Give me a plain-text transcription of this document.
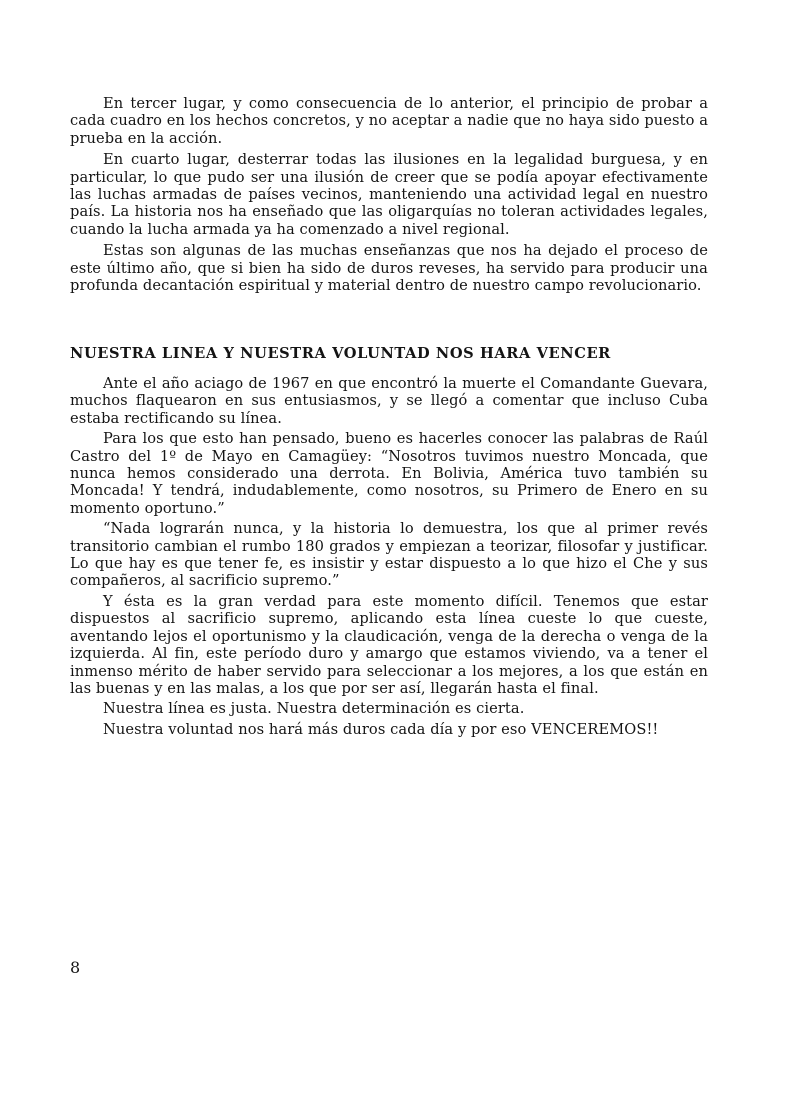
En tercer lugar, y como consecuencia de lo anterior, el principio de probar a cada cuadro en los hechos concretos, y no aceptar a nadie que no haya sido puesto a prueba en la acción.

En cuarto lugar, desterrar todas las ilusiones en la legalidad burguesa, y en particular, lo que pudo ser una ilusión de creer que se podía apoyar efectivamente las luchas armadas de países vecinos, manteniendo una actividad legal en nuestro país. La historia nos ha enseñado que las oligarquías no toleran actividades legales, cuando la lucha armada ya ha comenzado a nivel regional.

Estas son algunas de las muchas enseñanzas que nos ha dejado el proceso de este último año, que si bien ha sido de duros reveses, ha servido para producir una profunda decantación espiritual y material dentro de nuestro campo revolucionario.

NUESTRA LINEA Y NUESTRA VOLUNTAD NOS HARA VENCER

Ante el año aciago de 1967 en que encontró la muerte el Comandante Guevara, muchos flaquearon en sus entusiasmos, y se llegó a comentar que incluso Cuba estaba rectificando su línea.

Para los que esto han pensado, bueno es hacerles conocer las palabras de Raúl Castro del 1º de Mayo en Camagüey: “Nosotros tuvimos nuestro Moncada, que nunca hemos considerado una derrota. En Bolivia, América tuvo también su Moncada! Y tendrá, indudablemente, como nosotros, su Primero de Enero en su momento oportuno.”

“Nada lograrán nunca, y la historia lo demuestra, los que al primer revés transitorio cambian el rumbo 180 grados y empiezan a teorizar, filosofar y justificar. Lo que hay es que tener fe, es insistir y estar dispuesto a lo que hizo el Che y sus compañeros, al sacrificio supremo.”

Y ésta es la gran verdad para este momento difícil. Tenemos que estar dispuestos al sacrificio supremo, aplicando esta línea cueste lo que cueste, aventando lejos el oportunismo y la claudicación, venga de la derecha o venga de la izquierda. Al fin, este período duro y amargo que estamos viviendo, va a tener el inmenso mérito de haber servido para seleccionar a los mejores, a los que están en las buenas y en las malas, a los que por ser así, llegarán hasta el final.

Nuestra línea es justa. Nuestra determinación es cierta.

Nuestra voluntad nos hará más duros cada día y por eso VENCEREMOS!!

8
